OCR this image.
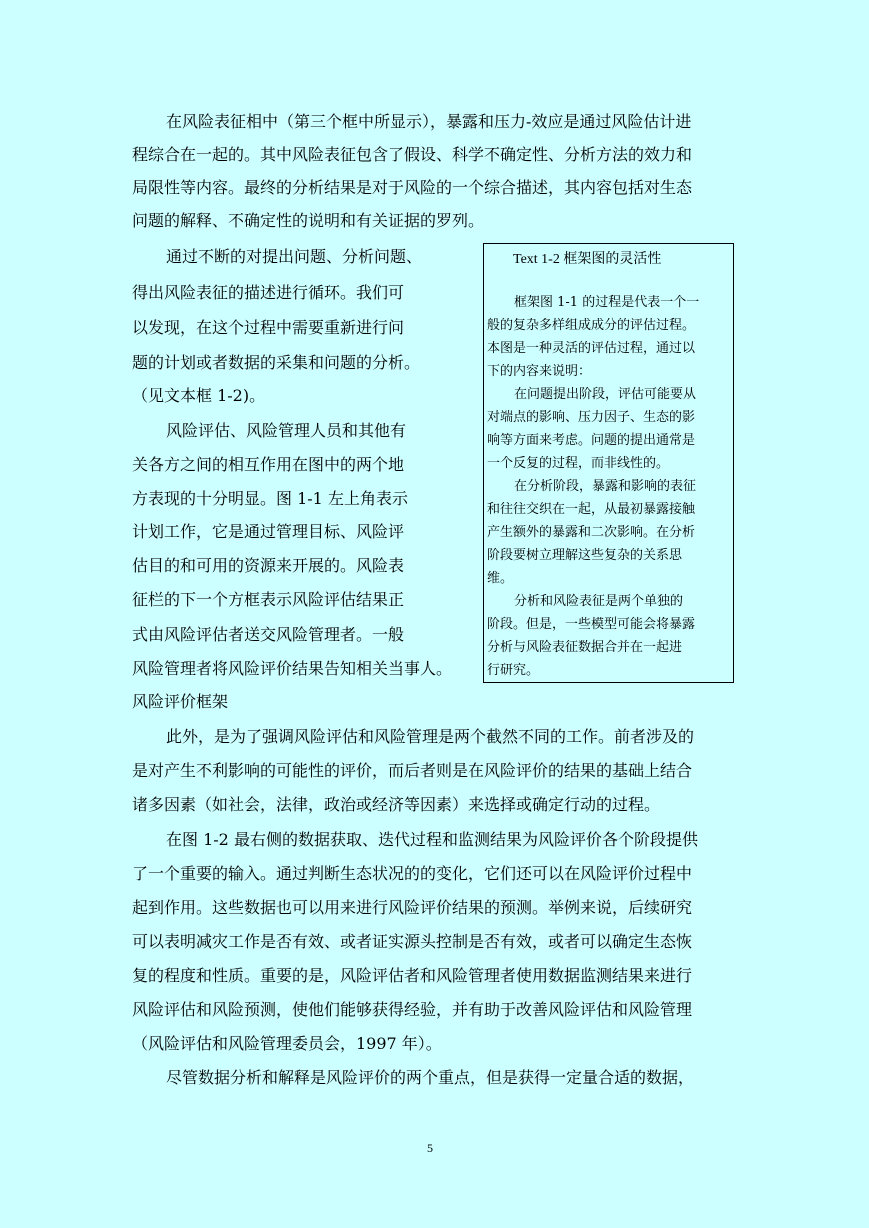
在风险表征相中（第三个框中所显示），暴露和压力-效应是通过风险估计进
程综合在一起的。其中风险表征包含了假设、科学不确定性、分析方法的效力和
局限性等内容。最终的分析结果是对于风险的一个综合描述，其内容包括对生态
问题的解释、不确定性的说明和有关证据的罗列。
通过不断的对提出问题、分析问题、
得出风险表征的描述进行循环。我们可
以发现，在这个过程中需要重新进行问
题的计划或者数据的采集和问题的分析。
（见文本框 1-2)。
风险评估、风险管理人员和其他有
关各方之间的相互作用在图中的两个地
方表现的十分明显。图 1-1 左上角表示
计划工作，它是通过管理目标、风险评
估目的和可用的资源来开展的。风险表
征栏的下一个方框表示风险评估结果正
式由风险评估者送交风险管理者。一般
风险管理者将风险评价结果告知相关当事人。
风险评价框架
Text 1-2 框架图的灵活性
框架图 1-1 的过程是代表一个一
般的复杂多样组成成分的评估过程。
本图是一种灵活的评估过程，通过以
下的内容来说明：
在问题提出阶段，评估可能要从
对端点的影响、压力因子、生态的影
响等方面来考虑。问题的提出通常是
一个反复的过程，而非线性的。
在分析阶段，暴露和影响的表征
和往往交织在一起，从最初暴露接触
产生额外的暴露和二次影响。在分析
阶段要树立理解这些复杂的关系思
维。
分析和风险表征是两个单独的
阶段。但是，一些模型可能会将暴露
分析与风险表征数据合并在一起进
行研究。
此外，是为了强调风险评估和风险管理是两个截然不同的工作。前者涉及的
是对产生不利影响的可能性的评价，而后者则是在风险评价的结果的基础上结合
诸多因素（如社会，法律，政治或经济等因素）来选择或确定行动的过程。
在图 1-2 最右侧的数据获取、迭代过程和监测结果为风险评价各个阶段提供
了一个重要的输入。通过判断生态状况的的变化，它们还可以在风险评价过程中
起到作用。这些数据也可以用来进行风险评价结果的预测。举例来说，后续研究
可以表明减灾工作是否有效、或者证实源头控制是否有效，或者可以确定生态恢
复的程度和性质。重要的是，风险评估者和风险管理者使用数据监测结果来进行
风险评估和风险预测，使他们能够获得经验，并有助于改善风险评估和风险管理
（风险评估和风险管理委员会，1997 年）。
尽管数据分析和解释是风险评价的两个重点，但是获得一定量合适的数据，
5
